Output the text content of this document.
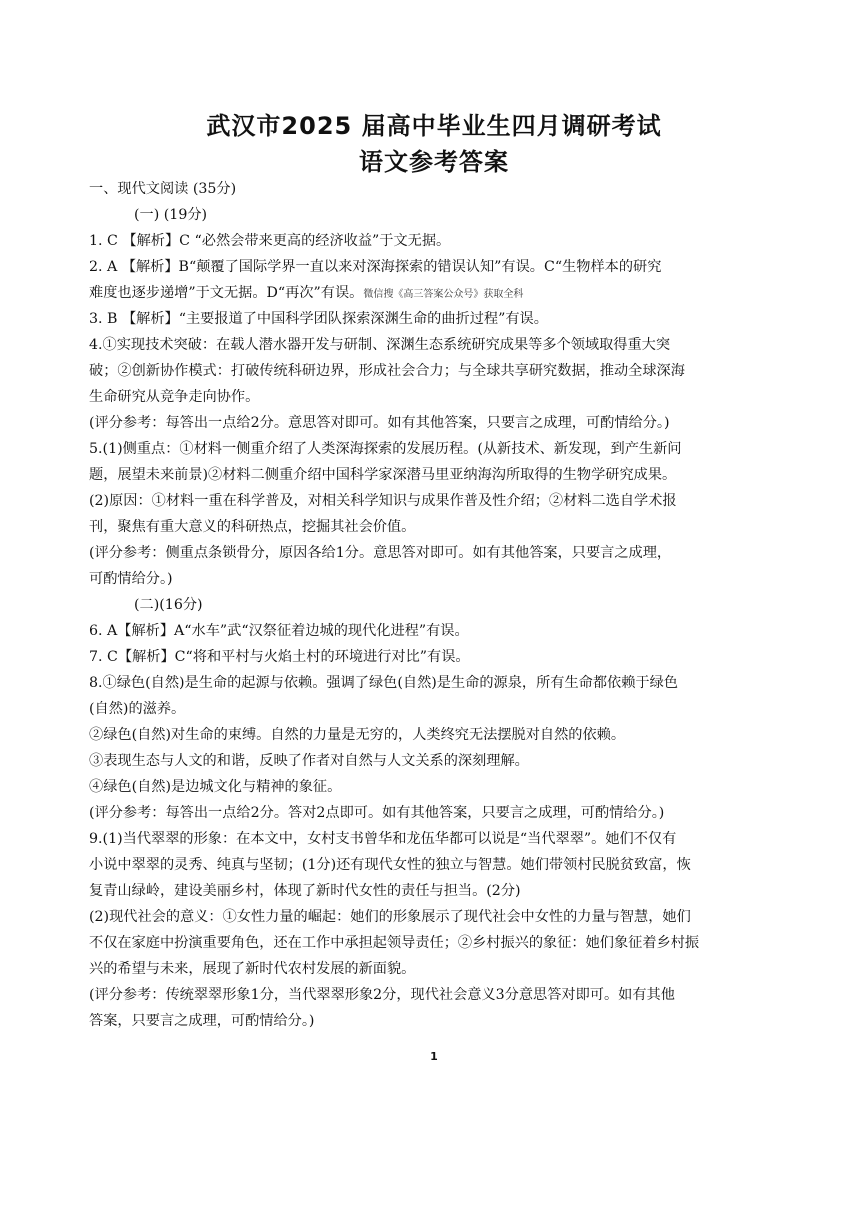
武汉市2025 届高中毕业生四月调研考试
语文参考答案
一、现代文阅读 (35分)
(一) (19分)
1. C 【解析】C “必然会带来更高的经济收益”于文无据。
2. A 【解析】B“颠覆了国际学界一直以来对深海探索的错误认知”有误。C“生物样本的研究
难度也逐步递增”于文无据。D“再次”有误。微信搜《高三答案公众号》获取全科
3. B 【解析】“主要报道了中国科学团队探索深渊生命的曲折过程”有误。
4.①实现技术突破：在载人潜水器开发与研制、深渊生态系统研究成果等多个领域取得重大突
破；②创新协作模式：打破传统科研边界，形成社会合力；与全球共享研究数据，推动全球深海
生命研究从竞争走向协作。
(评分参考：每答出一点给2分。意思答对即可。如有其他答案，只要言之成理，可酌情给分。)
5.(1)侧重点：①材料一侧重介绍了人类深海探索的发展历程。(从新技术、新发现，到产生新问
题，展望未来前景)②材料二侧重介绍中国科学家深潜马里亚纳海沟所取得的生物学研究成果。
(2)原因：①材料一重在科学普及，对相关科学知识与成果作普及性介绍；②材料二选自学术报
刊，聚焦有重大意义的科研热点，挖掘其社会价值。
(评分参考：侧重点条锁骨分，原因各给1分。意思答对即可。如有其他答案，只要言之成理，
可酌情给分。)
(二)(16分)
6. A【解析】A“水车”武“汉祭征着边城的现代化进程”有误。
7. C【解析】C“将和平村与火焰土村的环境进行对比”有误。
8.①绿色(自然)是生命的起源与依赖。强调了绿色(自然)是生命的源泉，所有生命都依赖于绿色
(自然)的滋养。
②绿色(自然)对生命的束缚。自然的力量是无穷的，人类终究无法摆脱对自然的依赖。
③表现生态与人文的和谐，反映了作者对自然与人文关系的深刻理解。
④绿色(自然)是边城文化与精神的象征。
(评分参考：每答出一点给2分。答对2点即可。如有其他答案，只要言之成理，可酌情给分。)
9.(1)当代翠翠的形象：在本文中，女村支书曾华和龙伍华都可以说是“当代翠翠”。她们不仅有
小说中翠翠的灵秀、纯真与坚韧；(1分)还有现代女性的独立与智慧。她们带领村民脱贫致富，恢
复青山绿岭，建设美丽乡村，体现了新时代女性的责任与担当。(2分)
(2)现代社会的意义：①女性力量的崛起：她们的形象展示了现代社会中女性的力量与智慧，她们
不仅在家庭中扮演重要角色，还在工作中承担起领导责任；②乡村振兴的象征：她们象征着乡村振
兴的希望与未来，展现了新时代农村发展的新面貌。
(评分参考：传统翠翠形象1分，当代翠翠形象2分，现代社会意义3分意思答对即可。如有其他
答案，只要言之成理，可酌情给分。)
1
